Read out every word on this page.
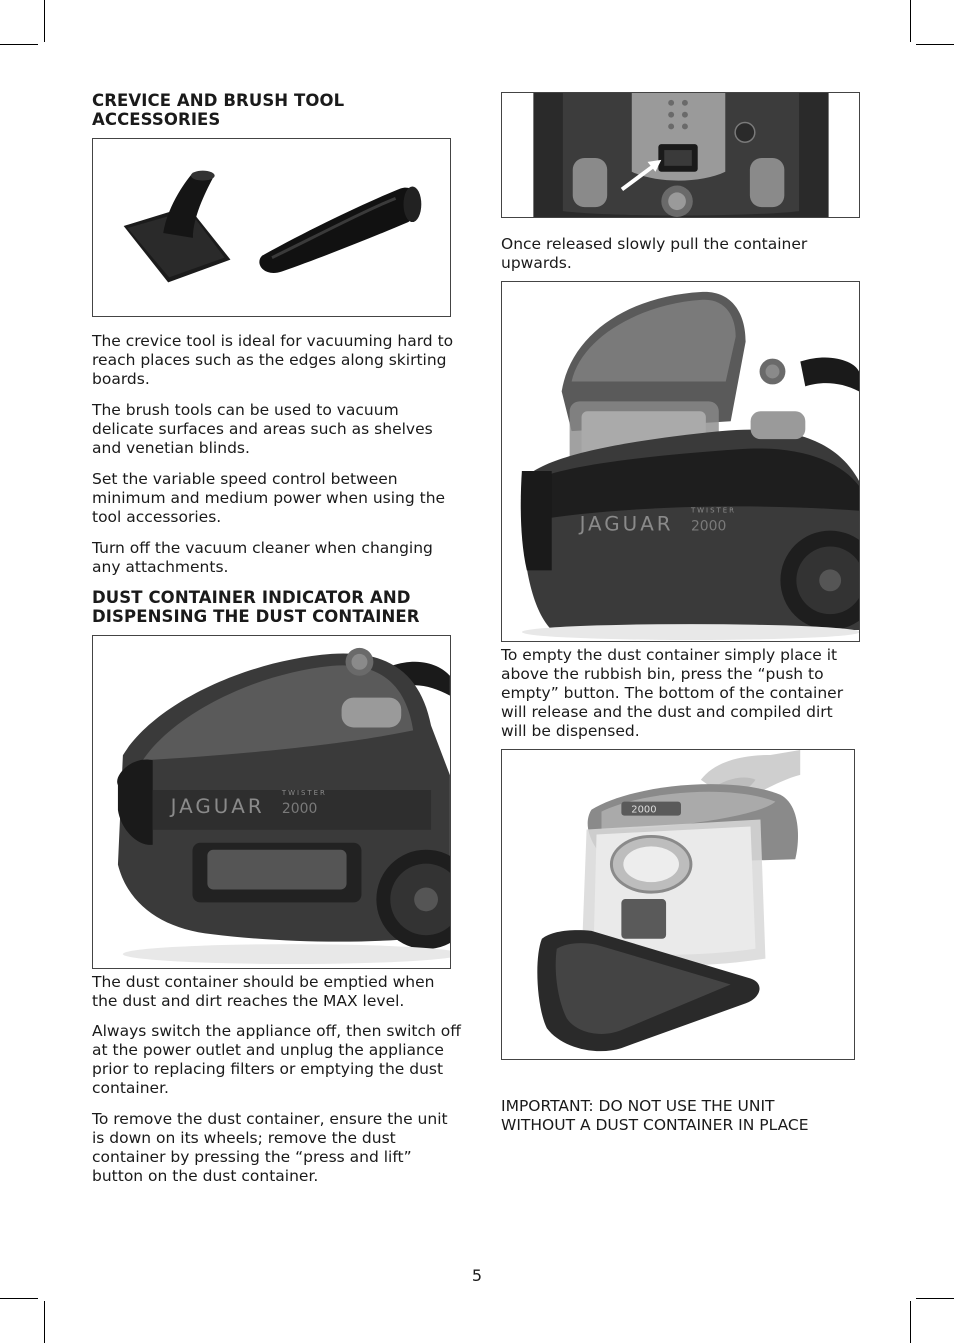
CREVICE AND BRUSH TOOL ACCESSORIES

The crevice tool is ideal for vacuuming hard to reach places such as the edges along skirting boards.

The brush tools can be used to vacuum delicate surfaces and areas such as shelves and venetian blinds.

Set the variable speed control between minimum and medium power when using the tool accessories.

Turn off the vacuum cleaner when changing any attachments.

DUST CONTAINER INDICATOR AND DISPENSING THE DUST CONTAINER
JAGUAR
TWISTER
2000

The dust container should be emptied when the dust and dirt reaches the MAX level.

Always switch the appliance off, then switch off at the power outlet and unplug the appliance prior to replacing filters or emptying the dust container.

To remove the dust container, ensure the unit is down on its wheels; remove the dust container by pressing the “press and lift” button on the dust container.

Once released slowly pull the container upwards.

JAGUAR
TWISTER
2000

To empty the dust container simply place it above the rubbish bin, press the “push to empty” button. The bottom of the container will release and the dust and compiled dirt will be dispensed.

2000

IMPORTANT: DO NOT USE THE UNIT WITHOUT A DUST CONTAINER IN PLACE

5
